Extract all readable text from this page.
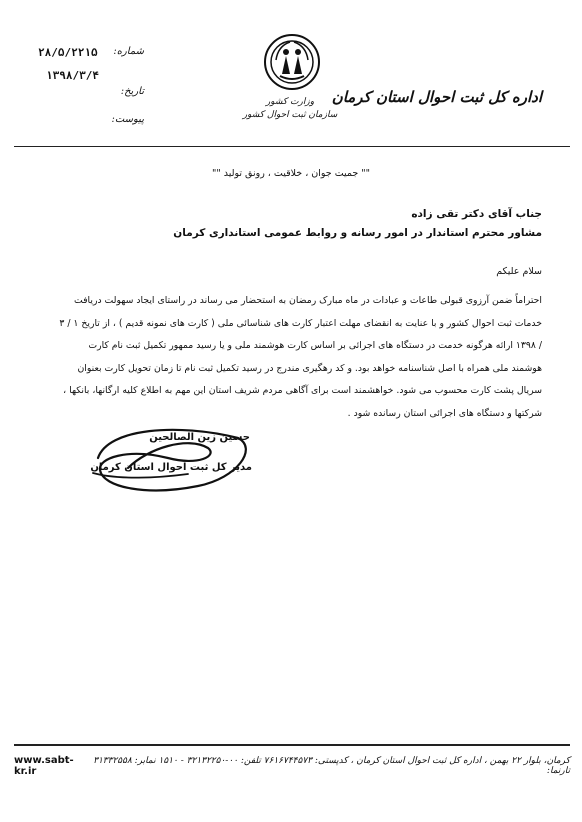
اداره کل ثبت احوال استان کرمان
وزارت کشور
سازمان ثبت احوال کشور
۲۸/۵/۲۲۱۵ شماره:
۱۳۹۸/۳/۴
تاریخ:
پیوست:
"" جمیت جوان ، خلاقیت ، رونق تولید ""
جناب آقای دکتر تقی زاده
مشاور محترم استاندار در امور رسانه و روابط عمومی استانداری کرمان
سلام علیکم
احتراماً ضمن آرزوی قبولی طاعات و عبادات در ماه مبارک رمضان به استحضار می رساند در راستای ایجاد سهولت دریافت
خدمات ثبت احوال کشور و با عنایت به انقضای مهلت اعتبار کارت های شناسائی ملی ( کارت های نمونه قدیم ) ، از تاریخ ۱ / ۳
/ ۱۳۹۸ ارائه هرگونه خدمت در دستگاه های اجرائی بر اساس کارت هوشمند ملی و یا رسید ممهور تکمیل ثبت نام کارت
هوشمند ملی همراه با اصل شناسنامه خواهد بود. و کد رهگیری مندرج در رسید تکمیل ثبت نام تا زمان تحویل کارت بعنوان
سریال پشت کارت محسوب می شود. خواهشمند است برای آگاهی مردم شریف استان این مهم به اطلاع کلیه ارگانها، بانکها ،
شرکتها و دستگاه های اجرائی استان رسانده شود .
حسین زین الصالحین
مدیر کل ثبت احوال استان کرمان
www.sabt-kr.ir
کرمان، بلوار ۲۲ بهمن ، اداره کل ثبت احوال استان کرمان ، کدپستی: ۷۶۱۶۷۴۴۵۷۳ تلفن: ۰۰-۳۲۱۳۲۲۵۰ - ۱۵۱۰ نمابر: ۳۱۳۳۲۵۵۸ تارنما:
